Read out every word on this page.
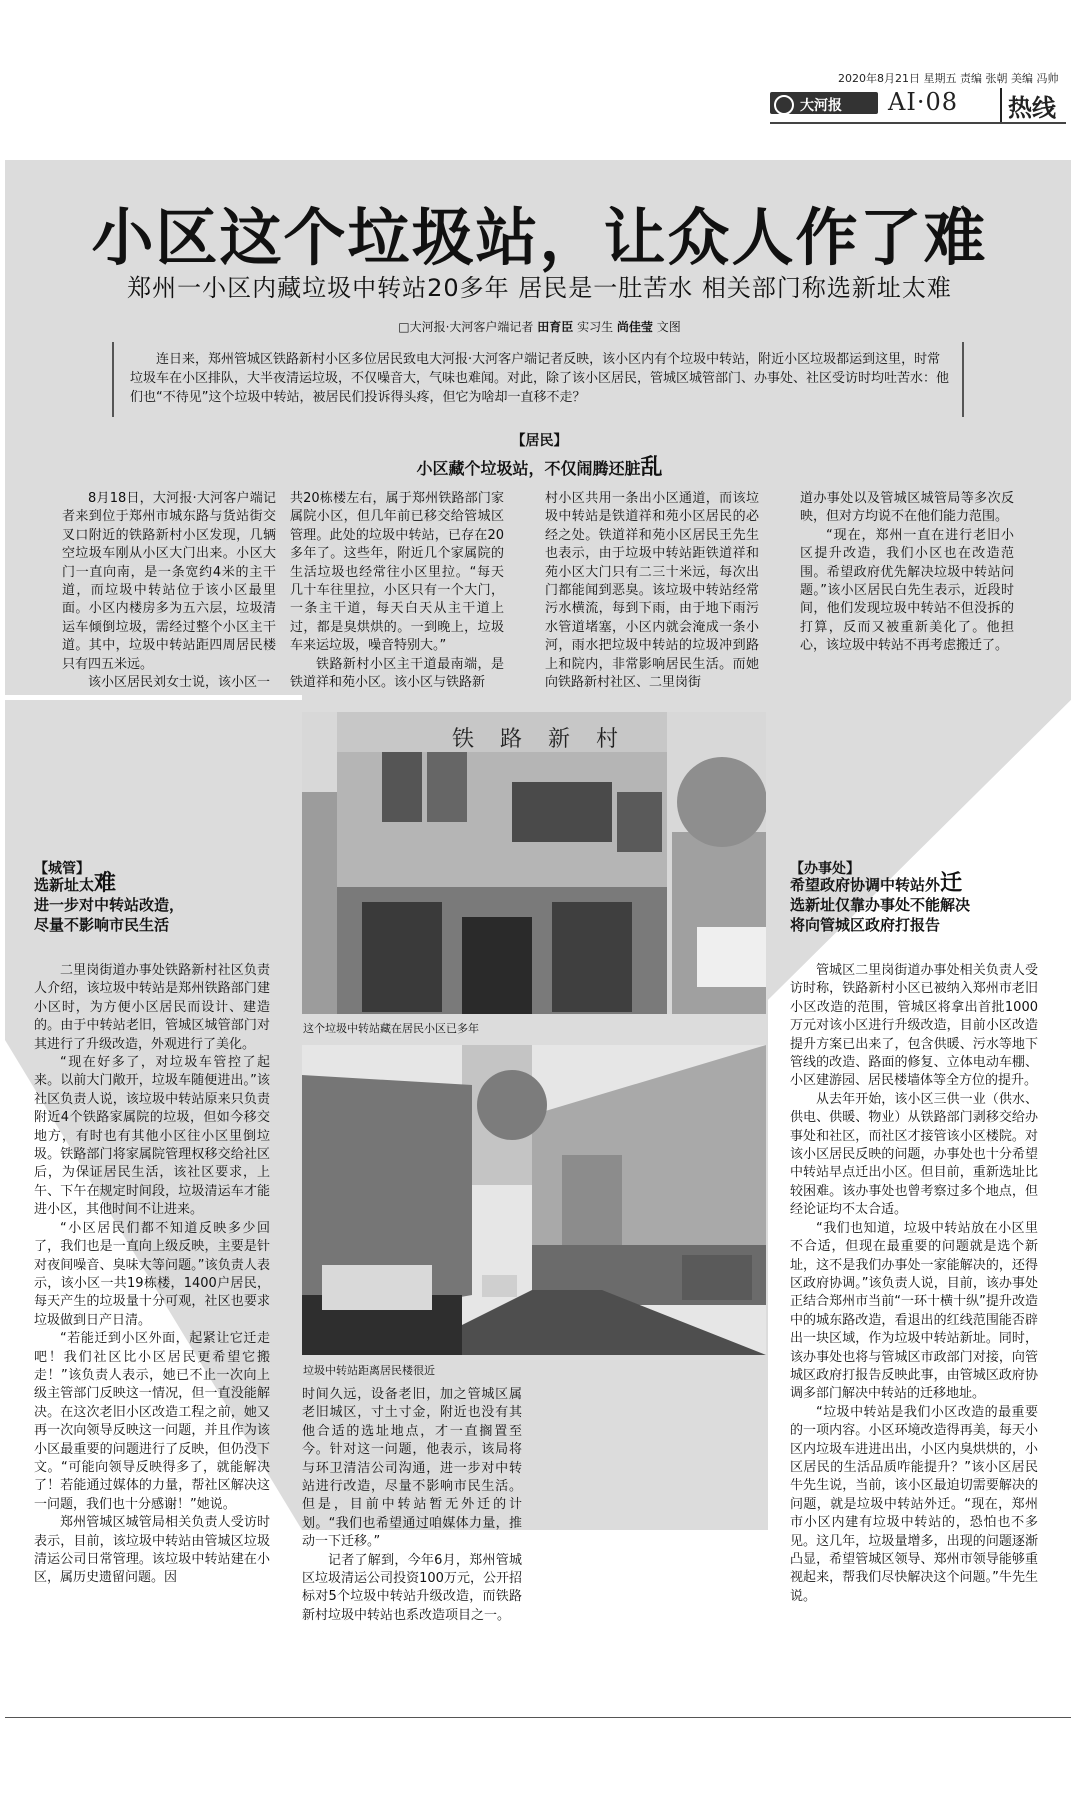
2020年8月21日 星期五 责编 张朝 美编 冯帅
大河报 AI·08	热线
小区这个垃圾站，让众人作了难
郑州一小区内藏垃圾中转站20多年 居民是一肚苦水 相关部门称选新址太难
□大河报·大河客户端记者 田育臣 实习生 尚佳莹 文图
连日来，郑州管城区铁路新村小区多位居民致电大河报·大河客户端记者反映，该小区内有个垃圾中转站，附近小区垃圾都运到这里，时常垃圾车在小区排队，大半夜清运垃圾，不仅噪音大，气味也难闻。对此，除了该小区居民，管城区城管部门、办事处、社区受访时均吐苦水：他们也“不待见”这个垃圾中转站，被居民们投诉得头疼，但它为啥却一直移不走？
【居民】
小区藏个垃圾站，不仅闹腾还脏乱

8月18日，大河报·大河客户端记者来到位于郑州市城东路与货站街交叉口附近的铁路新村小区发现，几辆空垃圾车刚从小区大门出来。小区大门一直向南，是一条宽约4米的主干道，而垃圾中转站位于该小区最里面。小区内楼房多为五六层，垃圾清运车倾倒垃圾，需经过整个小区主干道。其中，垃圾中转站距四周居民楼只有四五米远。

该小区居民刘女士说，该小区一

共20栋楼左右，属于郑州铁路部门家属院小区，但几年前已移交给管城区管理。此处的垃圾中转站，已存在20多年了。这些年，附近几个家属院的生活垃圾也经常往小区里拉。“每天几十车往里拉，小区只有一个大门，一条主干道，每天白天从主干道上过，都是臭烘烘的。一到晚上，垃圾车来运垃圾，噪音特别大。”

铁路新村小区主干道最南端，是铁道祥和苑小区。该小区与铁路新

村小区共用一条出小区通道，而该垃圾中转站是铁道祥和苑小区居民的必经之处。铁道祥和苑小区居民王先生也表示，由于垃圾中转站距铁道祥和苑小区大门只有二三十米远，每次出门都能闻到恶臭。该垃圾中转站经常污水横流，每到下雨，由于地下雨污水管道堵塞，小区内就会淹成一条小河，雨水把垃圾中转站的垃圾冲到路上和院内，非常影响居民生活。而她向铁路新村社区、二里岗街

道办事处以及管城区城管局等多次反映，但对方均说不在他们能力范围。

“现在，郑州一直在进行老旧小区提升改造，我们小区也在改造范围。希望政府优先解决垃圾中转站问题。”该小区居民白先生表示，近段时间，他们发现垃圾中转站不但没拆的打算，反而又被重新美化了。他担心，该垃圾中转站不再考虑搬迁了。

铁路新村
这个垃圾中转站藏在居民小区已多年
垃圾中转站距离居民楼很近
【城管】
选新址太难
进一步对中转站改造，
尽量不影响市民生活

二里岗街道办事处铁路新村社区负责人介绍，该垃圾中转站是郑州铁路部门建小区时，为方便小区居民而设计、建造的。由于中转站老旧，管城区城管部门对其进行了升级改造，外观进行了美化。

“现在好多了，对垃圾车管控了起来。以前大门敞开，垃圾车随便进出。”该社区负责人说，该垃圾中转站原来只负责附近4个铁路家属院的垃圾，但如今移交地方，有时也有其他小区往小区里倒垃圾。铁路部门将家属院管理权移交给社区后，为保证居民生活，该社区要求，上午、下午在规定时间段，垃圾清运车才能进小区，其他时间不让进来。

“小区居民们都不知道反映多少回了，我们也是一直向上级反映，主要是针对夜间噪音、臭味大等问题。”该负责人表示，该小区一共19栋楼，1400户居民，每天产生的垃圾量十分可观，社区也要求垃圾做到日产日清。

“若能迁到小区外面，起紧让它迁走吧！我们社区比小区居民更希望它搬走！”该负责人表示，她已不止一次向上级主管部门反映这一情况，但一直没能解决。在这次老旧小区改造工程之前，她又再一次向领导反映这一问题，并且作为该小区最重要的问题进行了反映，但仍没下文。“可能向领导反映得多了，就能解决了！若能通过媒体的力量，帮社区解决这一问题，我们也十分感谢！”她说。

郑州管城区城管局相关负责人受访时表示，目前，该垃圾中转站由管城区垃圾清运公司日常管理。该垃圾中转站建在小区，属历史遗留问题。因

时间久远，设备老旧，加之管城区属老旧城区，寸土寸金，附近也没有其他合适的选址地点，才一直搁置至今。针对这一问题，他表示，该局将与环卫清洁公司沟通，进一步对中转站进行改造，尽量不影响市民生活。但是，目前中转站暂无外迁的计划。“我们也希望通过咱媒体力量，推动一下迁移。”

记者了解到，今年6月，郑州管城区垃圾清运公司投资100万元，公开招标对5个垃圾中转站升级改造，而铁路新村垃圾中转站也系改造项目之一。

【办事处】
希望政府协调中转站外迁
选新址仅靠办事处不能解决
将向管城区政府打报告

管城区二里岗街道办事处相关负责人受访时称，铁路新村小区已被纳入郑州市老旧小区改造的范围，管城区将拿出首批1000万元对该小区进行升级改造，目前小区改造提升方案已出来了，包含供暖、污水等地下管线的改造、路面的修复、立体电动车棚、小区建游园、居民楼墙体等全方位的提升。

从去年开始，该小区三供一业（供水、供电、供暖、物业）从铁路部门剥移交给办事处和社区，而社区才接管该小区楼院。对该小区居民反映的问题，办事处也十分希望中转站早点迁出小区。但目前，重新选址比较困难。该办事处也曾考察过多个地点，但经论证均不太合适。

“我们也知道，垃圾中转站放在小区里不合适，但现在最重要的问题就是选个新址，这不是我们办事处一家能解决的，还得区政府协调。”该负责人说，目前，该办事处正结合郑州市当前“一环十横十纵”提升改造中的城东路改造，看退出的红线范围能否辟出一块区域，作为垃圾中转站新址。同时，该办事处也将与管城区市政部门对接，向管城区政府打报告反映此事，由管城区政府协调多部门解决中转站的迁移地址。

“垃圾中转站是我们小区改造的最重要的一项内容。小区环境改造得再美，每天小区内垃圾车进进出出，小区内臭烘烘的，小区居民的生活品质咋能提升？”该小区居民牛先生说，当前，该小区最迫切需要解决的问题，就是垃圾中转站外迁。“现在，郑州市小区内建有垃圾中转站的，恐怕也不多见。这几年，垃圾量增多，出现的问题逐渐凸显，希望管城区领导、郑州市领导能够重视起来，帮我们尽快解决这个问题。”牛先生说。
